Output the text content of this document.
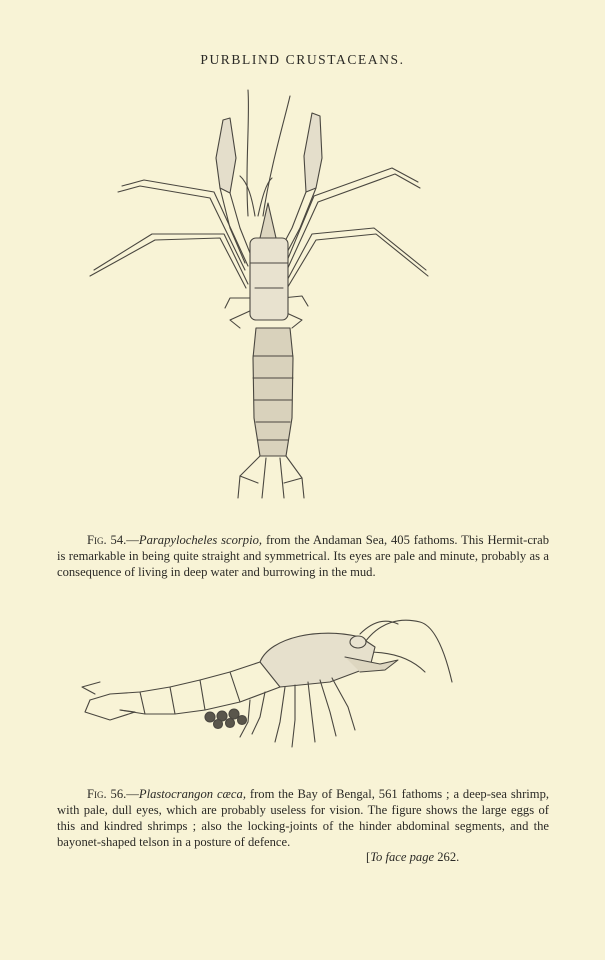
PURBLIND CRUSTACEANS.

Fig. 54.—Parapylocheles scorpio, from the Andaman Sea, 405 fathoms. This Hermit-crab is remarkable in being quite straight and symmetrical. Its eyes are pale and minute, probably as a consequence of living in deep water and burrowing in the mud.

Fig. 56.—Plastocrangon cæca, from the Bay of Bengal, 561 fathoms ; a deep-sea shrimp, with pale, dull eyes, which are probably useless for vision. The figure shows the large eggs of this and kindred shrimps ; also the locking-joints of the hinder abdominal segments, and the bayonet-shaped telson in a posture of defence.

[To face page 262.
